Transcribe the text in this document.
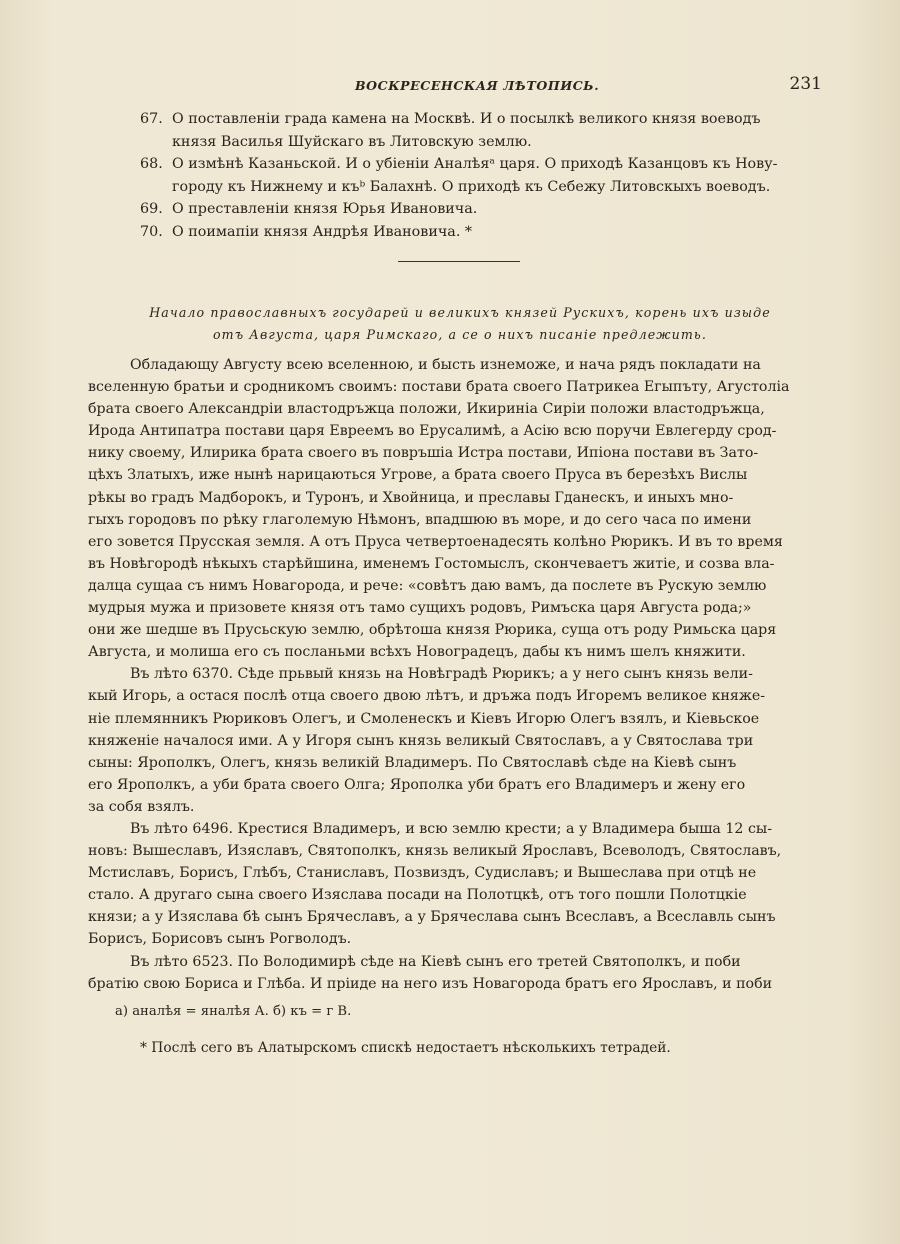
ВОСКРЕСЕНСКАЯ ЛѢТОПИСЬ.	231
67. О поставленіи града камена на Москвѣ. И о посылкѣ великого князя воеводъ
князя Василья Шуйскаго въ Литовскую землю.
68. О измѣнѣ Казаньской. И о убіеніи Аналѣяᵃ царя. О приходѣ Казанцовъ къ Нову-
городу къ Нижнему и къᵇ Балахнѣ. О приходѣ къ Себежу Литовскыхъ воеводъ.
69. О преставленіи князя Юрья Ивановича.
70. О поимапіи князя Андрѣя Ивановича. *
Начало православныхъ государей и великихъ князей Рускихъ, корень ихъ изыде
отъ Августа, царя Римскаго, а се о нихъ писаніе предлежить.

Обладающу Августу всею вселенною, и бысть изнеможе, и нача рядъ покладати на
вселенную братьи и сродникомъ своимъ: постави брата своего Патрикеа Егыпъту, Агустоліа
брата своего Александріи властодръжца положи, Икириніа Сиріи положи властодръжца,
Ирода Антипатра постави царя Евреемъ во Ерусалимѣ, а Асію всю поручи Евлегерду срод-
нику своему, Илирика брата своего въ повръшіа Истра постави, Ипіона постави въ Зато-
цѣхъ Златыхъ, иже нынѣ нарицаються Угрове, а брата своего Пруса въ березѣхъ Вислы
рѣкы во градъ Мадборокъ, и Туронъ, и Хвойница, и преславы Гданескъ, и иныхъ мно-
гыхъ городовъ по рѣку глаголемую Нѣмонъ, впадшюю въ море, и до сего часа по имени
его зовется Прусская земля. А отъ Пруса четвертоенадесять колѣно Рюрикъ. И въ то время
въ Новѣгородѣ нѣкыхъ старѣйшина, именемъ Гостомыслъ, скончеваетъ житіе, и созва вла-
далца сущаа съ нимъ Новагорода, и рече: «совѣтъ даю вамъ, да послете въ Рускую землю
мудрыя мужа и призовете князя отъ тамо сущихъ родовъ, Римъска царя Августа рода;»
они же шедше въ Прусьскую землю, обрѣтоша князя Рюрика, суща отъ роду Римьска царя
Августа, и молиша его съ посланьми всѣхъ Новоградецъ, дабы къ нимъ шелъ княжити.

Въ лѣто 6370. Сѣде прьвый князь на Новѣградѣ Рюрикъ; а у него сынъ князь вели-
кый Игорь, а остася послѣ отца своего двою лѣтъ, и дръжа подъ Игоремъ великое княже-
ніе племянникъ Рюриковъ Олегъ, и Смоленескъ и Кіевъ Игорю Олегъ взялъ, и Кіевьское
княженіе началося ими. А у Игоря сынъ князь великый Святославъ, а у Святослава три
сыны: Ярополкъ, Олегъ, князь великій Владимеръ. По Святославѣ сѣде на Кіевѣ сынъ
его Ярополкъ, а уби брата своего Олга; Ярополка уби братъ его Владимеръ и жену его
за собя взялъ.

Въ лѣто 6496. Крестися Владимеръ, и всю землю крести; а у Владимера быша 12 сы-
новъ: Вышеславъ, Изяславъ, Святополкъ, князь великый Ярославъ, Всеволодъ, Святославъ,
Мстиславъ, Борисъ, Глѣбъ, Станиславъ, Позвиздъ, Судиславъ; и Вышеслава при отцѣ не
стало. А другаго сына своего Изяслава посади на Полотцкѣ, отъ того пошли Полотцкіе
князи; а у Изяслава бѣ сынъ Брячеславъ, а у Брячеслава сынъ Всеславъ, а Всеславль сынъ
Борисъ, Борисовъ сынъ Рогволодъ.

Въ лѣто 6523. По Володимирѣ сѣде на Кіевѣ сынъ его третей Святополкъ, и поби
братію свою Бориса и Глѣба. И пріиде на него изъ Новагорода братъ его Ярославъ, и поби

а) аналѣя = яналѣя А. б) къ = г В.
* Послѣ сего въ Алатырскомъ спискѣ недостаетъ нѣсколькихъ тетрадей.
